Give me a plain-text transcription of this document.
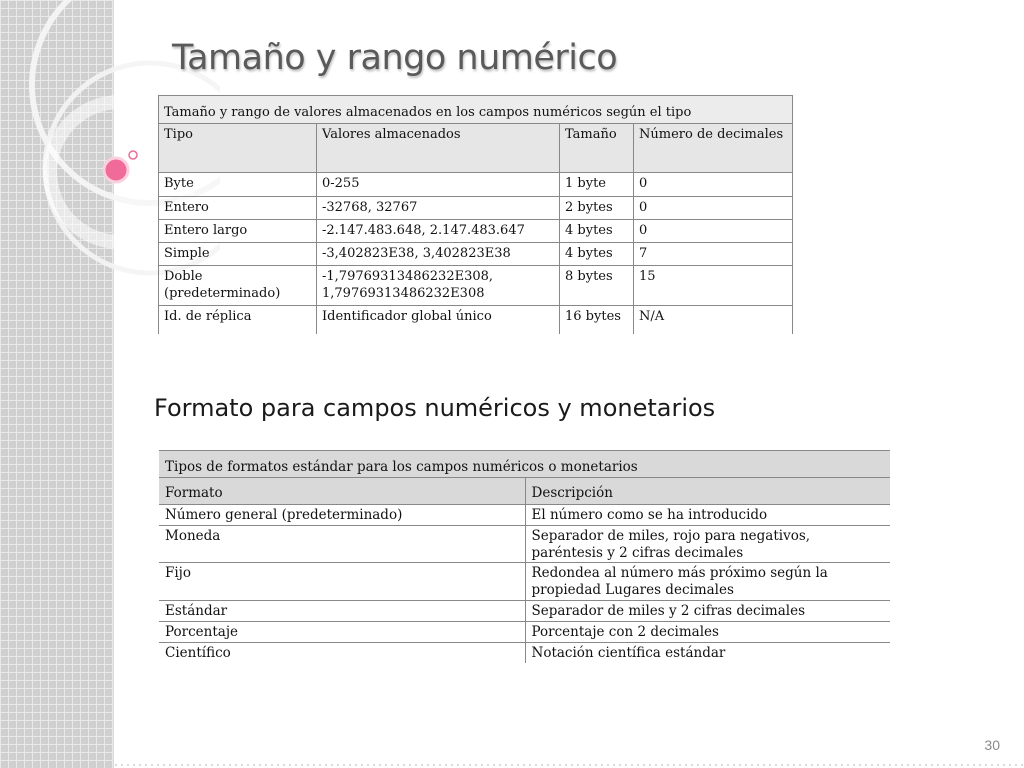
Tamaño y rango numérico
Tamaño y rango de valores almacenados en los campos numéricos según el tipo			
Tipo	Valores almacenados	Tamaño	Número de decimales
Byte	0-255	1 byte	0
Entero	-32768, 32767	2 bytes	0
Entero largo	-2.147.483.648, 2.147.483.647	4 bytes	0
Simple	-3,402823E38, 3,402823E38	4 bytes	7
Doble (predeterminado)	-1,79769313486232E308, 1,79769313486232E308	8 bytes	15
Id. de réplica	Identificador global único	16 bytes	N/A
Formato para campos numéricos y monetarios
Tipos de formatos estándar para los campos numéricos o monetarios	
Formato	Descripción
Número general (predeterminado)	El número como se ha introducido
Moneda	Separador de miles, rojo para negativos, paréntesis y 2 cifras decimales
Fijo	Redondea al número más próximo según la propiedad Lugares decimales
Estándar	Separador de miles y 2 cifras decimales
Porcentaje	Porcentaje con 2 decimales
Científico	Notación científica estándar
30
